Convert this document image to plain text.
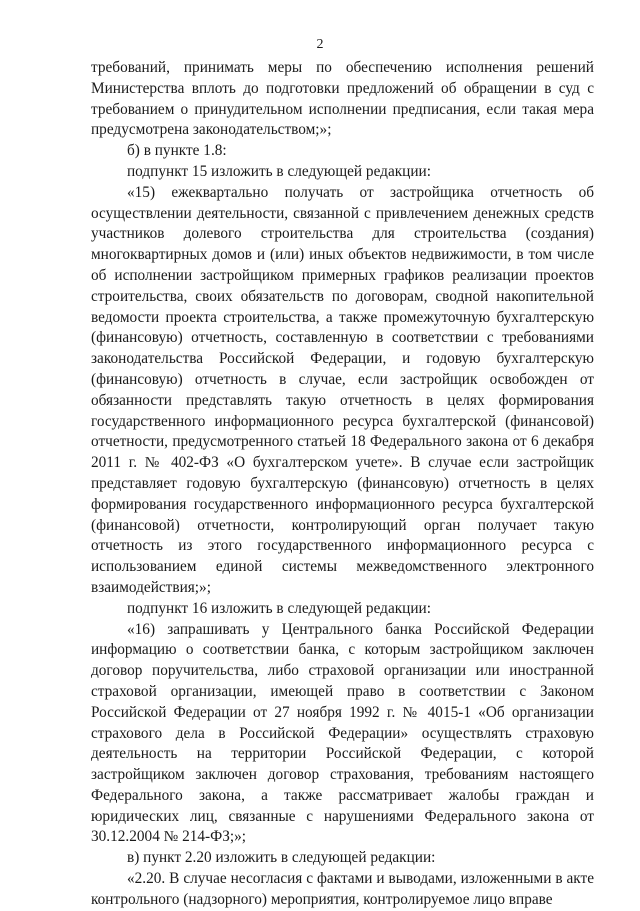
2

требований, принимать меры по обеспечению исполнения решений Министерства вплоть до подготовки предложений об обращении в суд с требованием о принудительном исполнении предписания, если такая мера предусмотрена законодательством;»;

б) в пункте 1.8:

подпункт 15 изложить в следующей редакции:

«15) ежеквартально получать от застройщика отчетность об осуществлении деятельности, связанной с привлечением денежных средств участников долевого строительства для строительства (создания) многоквартирных домов и (или) иных объектов недвижимости, в том числе об исполнении застройщиком примерных графиков реализации проектов строительства, своих обязательств по договорам, сводной накопительной ведомости проекта строительства, а также промежуточную бухгалтерскую (финансовую) отчетность, составленную в соответствии с требованиями законодательства Российской Федерации, и годовую бухгалтерскую (финансовую) отчетность в случае, если застройщик освобожден от обязанности представлять такую отчетность в целях формирования государственного информационного ресурса бухгалтерской (финансовой) отчетности, предусмотренного статьей 18 Федерального закона от 6 декабря 2011 г. № 402-ФЗ «О бухгалтерском учете». В случае если застройщик представляет годовую бухгалтерскую (финансовую) отчетность в целях формирования государственного информационного ресурса бухгалтерской (финансовой) отчетности, контролирующий орган получает такую отчетность из этого государственного информационного ресурса с использованием единой системы межведомственного электронного взаимодействия;»;

подпункт 16 изложить в следующей редакции:

«16) запрашивать у Центрального банка Российской Федерации информацию о соответствии банка, с которым застройщиком заключен договор поручительства, либо страховой организации или иностранной страховой организации, имеющей право в соответствии с Законом Российской Федерации от 27 ноября 1992 г. № 4015-1 «Об организации страхового дела в Российской Федерации» осуществлять страховую деятельность на территории Российской Федерации, с которой застройщиком заключен договор страхования, требованиям настоящего Федерального закона, а также рассматривает жалобы граждан и юридических лиц, связанные с нарушениями Федерального закона от 30.12.2004 № 214-ФЗ;»;

в) пункт 2.20 изложить в следующей редакции:

«2.20. В случае несогласия с фактами и выводами, изложенными в акте контрольного (надзорного) мероприятия, контролируемое лицо вправе
